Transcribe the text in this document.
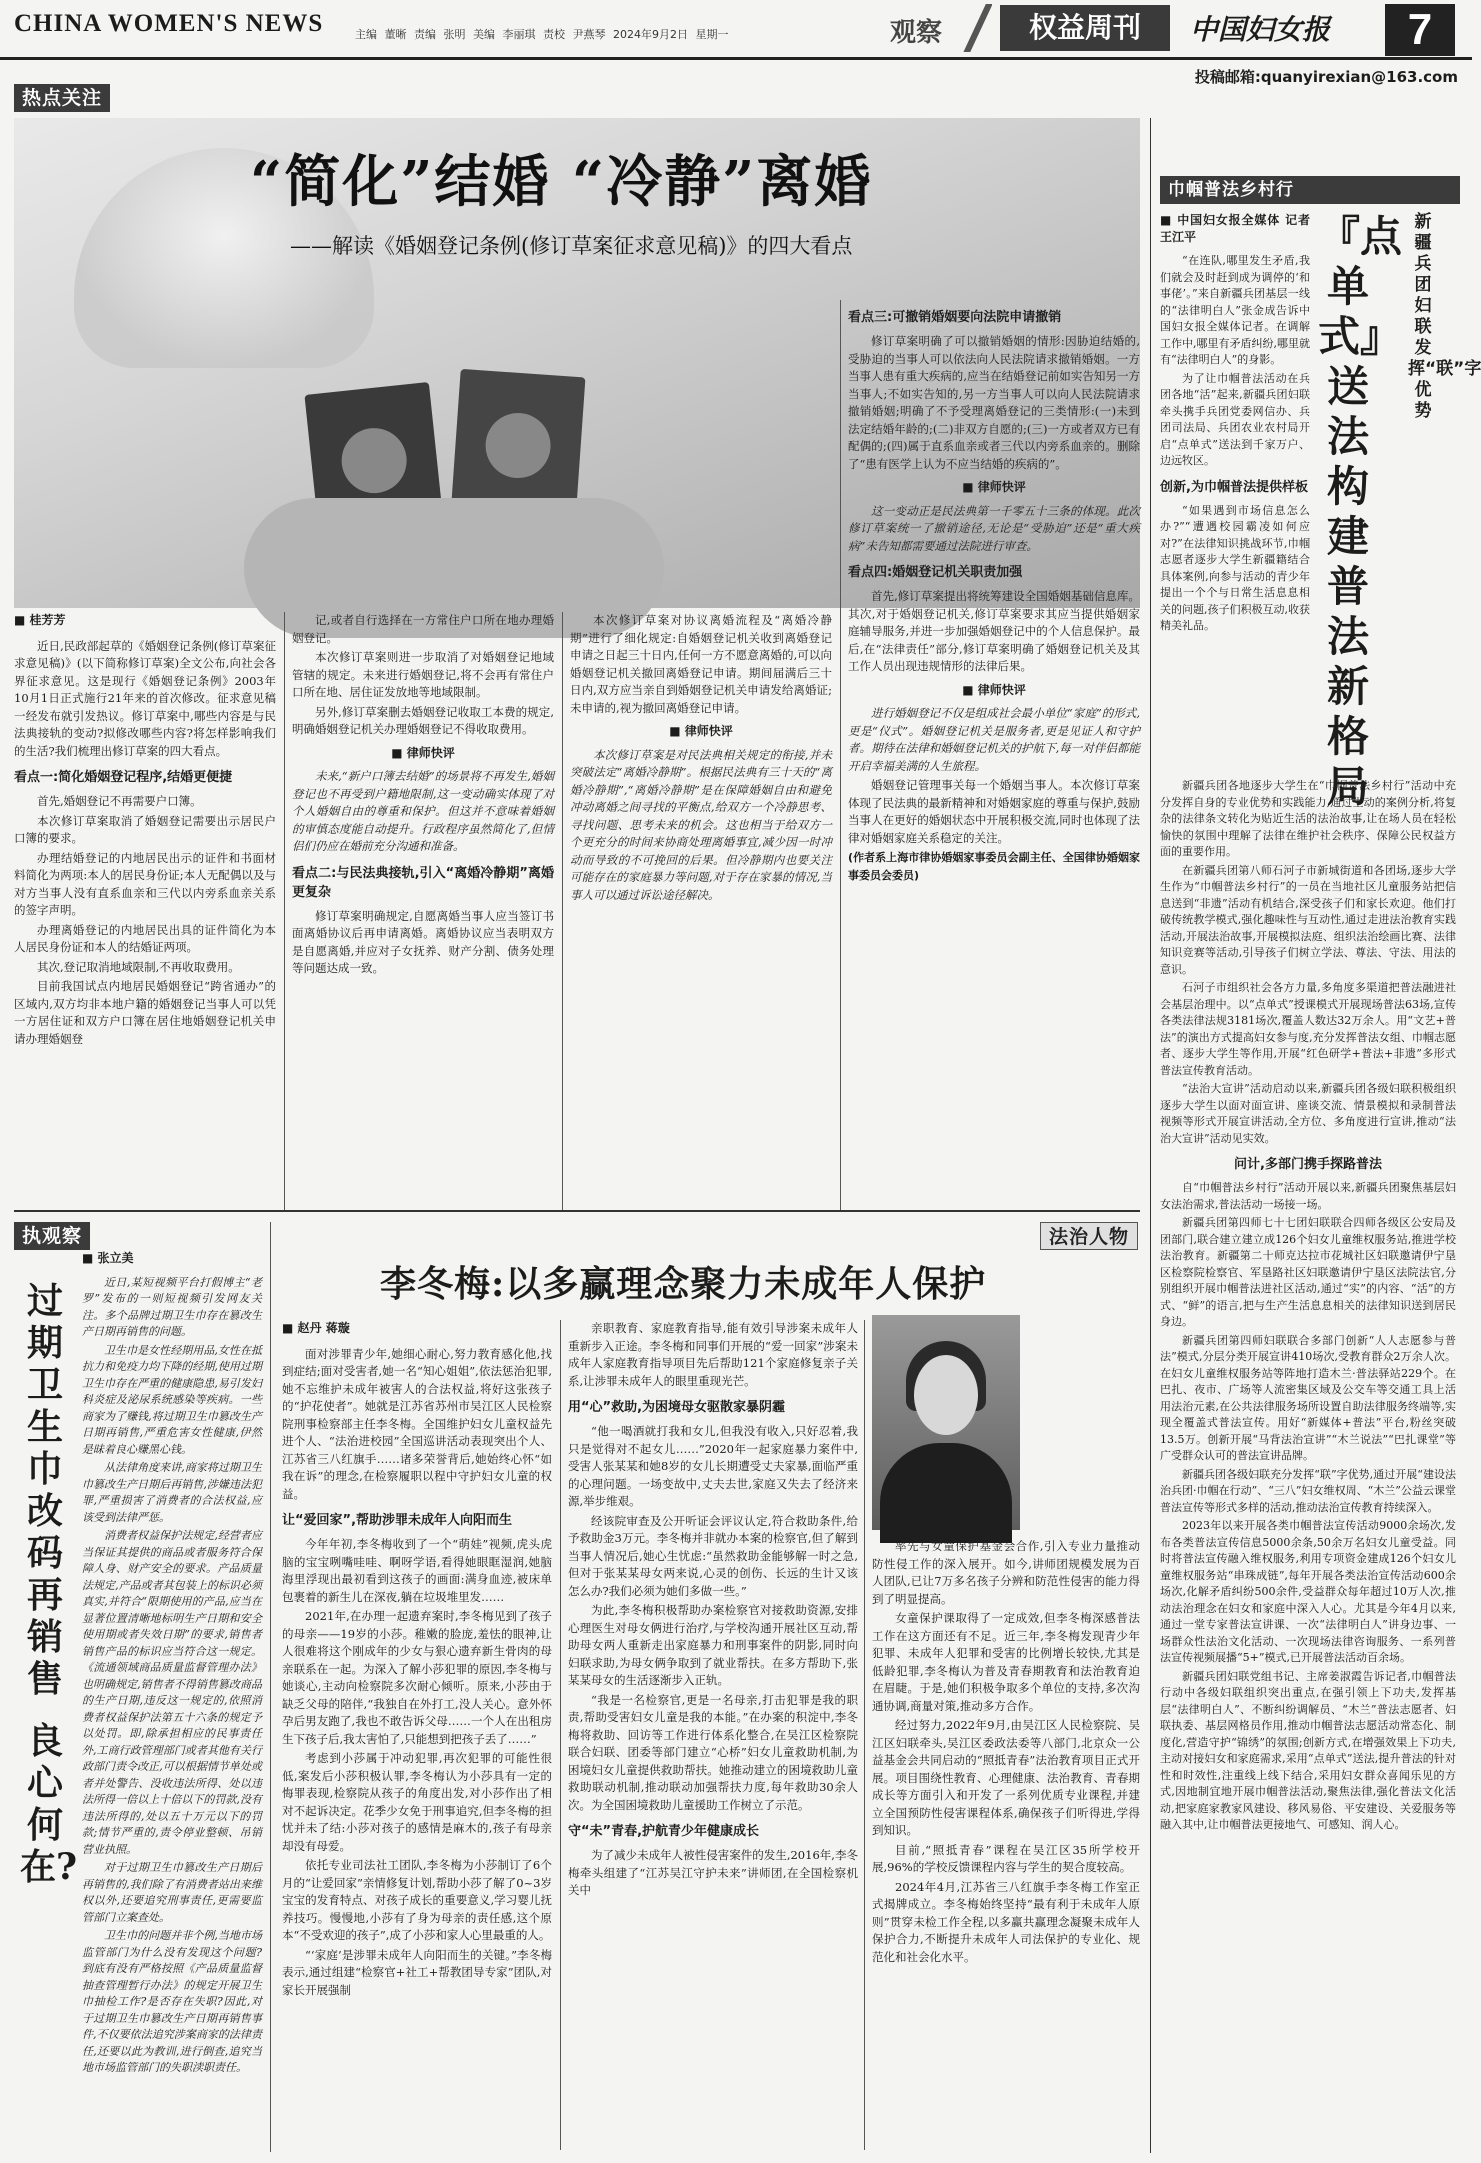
CHINA WOMEN'S NEWS	主编 董晰 责编 张明 美编 李丽琪 责校 尹燕琴 2024年9月2日 星期一	观察	权益周刊	中国妇女报	7
投稿邮箱:quanyirexian@163.com
热点关注
“简化”结婚 “冷静”离婚
——解读《婚姻登记条例(修订草案征求意见稿)》的四大看点

■ 桂芳芳

近日,民政部起草的《婚姻登记条例(修订草案征求意见稿)》(以下简称修订草案)全文公布,向社会各界征求意见。这是现行《婚姻登记条例》2003年10月1日正式施行21年来的首次修改。征求意见稿一经发布就引发热议。修订草案中,哪些内容是与民法典接轨的变动?拟修改哪些内容?将怎样影响我们的生活?我们梳理出修订草案的四大看点。

看点一:简化婚姻登记程序,结婚更便捷

首先,婚姻登记不再需要户口簿。

本次修订草案取消了婚姻登记需要出示居民户口簿的要求。

办理结婚登记的内地居民出示的证件和书面材料简化为两项:本人的居民身份证;本人无配偶以及与对方当事人没有直系血亲和三代以内旁系血亲关系的签字声明。

办理离婚登记的内地居民出具的证件简化为本人居民身份证和本人的结婚证两项。

其次,登记取消地域限制,不再收取费用。

目前我国试点内地居民婚姻登记“跨省通办”的区域内,双方均非本地户籍的婚姻登记当事人可以凭一方居住证和双方户口簿在居住地婚姻登记机关申请办理婚姻登

记,或者自行选择在一方常住户口所在地办理婚姻登记。

本次修订草案则进一步取消了对婚姻登记地域管辖的规定。未来进行婚姻登记,将不会再有常住户口所在地、居住证发放地等地域限制。

另外,修订草案删去婚姻登记收取工本费的规定,明确婚姻登记机关办理婚姻登记不得收取费用。

■ 律师快评

未来,“新户口簿去结婚”的场景将不再发生,婚姻登记也不再受到户籍地限制,这一变动确实体现了对个人婚姻自由的尊重和保护。但这并不意味着婚姻的审慎态度能自动提升。行政程序虽然简化了,但情侣们仍应在婚前充分沟通和准备。

看点二:与民法典接轨,引入“离婚冷静期”离婚更复杂

修订草案明确规定,自愿离婚当事人应当签订书面离婚协议后再申请离婚。离婚协议应当表明双方是自愿离婚,并应对子女抚养、财产分割、债务处理等问题达成一致。

本次修订草案对协议离婚流程及“离婚冷静期”进行了细化规定:自婚姻登记机关收到离婚登记申请之日起三十日内,任何一方不愿意离婚的,可以向婚姻登记机关撤回离婚登记申请。期间届满后三十日内,双方应当亲自到婚姻登记机关申请发给离婚证;未申请的,视为撤回离婚登记申请。

■ 律师快评

本次修订草案是对民法典相关规定的衔接,并未突破法定“离婚冷静期”。根据民法典有三十天的“离婚冷静期”,“离婚冷静期”是在保障婚姻自由和避免冲动离婚之间寻找的平衡点,给双方一个冷静思考、寻找问题、思考未来的机会。这也相当于给双方一个更充分的时间来协商处理离婚事宜,减少因一时冲动而导致的不可挽回的后果。但冷静期内也要关注可能存在的家庭暴力等问题,对于存在家暴的情况,当事人可以通过诉讼途径解决。

看点三:可撤销婚姻要向法院申请撤销

修订草案明确了可以撤销婚姻的情形:因胁迫结婚的,受胁迫的当事人可以依法向人民法院请求撤销婚姻。一方当事人患有重大疾病的,应当在结婚登记前如实告知另一方当事人;不如实告知的,另一方当事人可以向人民法院请求撤销婚姻;明确了不予受理离婚登记的三类情形:(一)未到法定结婚年龄的;(二)非双方自愿的;(三)一方或者双方已有配偶的;(四)属于直系血亲或者三代以内旁系血亲的。删除了“患有医学上认为不应当结婚的疾病的”。

■ 律师快评

这一变动正是民法典第一千零五十三条的体现。此次修订草案统一了撤销途径,无论是“受胁迫”还是“重大疾病”未告知都需要通过法院进行审查。

看点四:婚姻登记机关职责加强

首先,修订草案提出将统筹建设全国婚姻基础信息库。其次,对于婚姻登记机关,修订草案要求其应当提供婚姻家庭辅导服务,并进一步加强婚姻登记中的个人信息保护。最后,在“法律责任”部分,修订草案明确了婚姻登记机关及其工作人员出现违规情形的法律后果。

■ 律师快评

进行婚姻登记不仅是组成社会最小单位“家庭”的形式,更是“仪式”。婚姻登记机关是服务者,更是见证人和守护者。期待在法律和婚姻登记机关的护航下,每一对伴侣都能开启幸福美满的人生旅程。

婚姻登记管理事关每一个婚姻当事人。本次修订草案体现了民法典的最新精神和对婚姻家庭的尊重与保护,鼓励当事人在更好的婚姻状态中开展积极交流,同时也体现了法律对婚姻家庭关系稳定的关注。

(作者系上海市律协婚姻家事委员会副主任、全国律协婚姻家事委员会委员)

巾帼普法乡村行
新疆兵团妇联发挥“联”字优势
『点单式』送法构建普法新格局

■ 中国妇女报全媒体 记者 王江平

“在连队,哪里发生矛盾,我们就会及时赶到成为调停的‘和事佬’。”来自新疆兵团基层一线的“法律明白人”张金成告诉中国妇女报全媒体记者。在调解工作中,哪里有矛盾纠纷,哪里就有“法律明白人”的身影。

为了让巾帼普法活动在兵团各地“活”起来,新疆兵团妇联牵头携手兵团党委网信办、兵团司法局、兵团农业农村局开启“点单式”送法到千家万户、边远牧区。

创新,为巾帼普法提供样板

“如果遇到市场信息怎么办?”“遭遇校园霸凌如何应对?”在法律知识挑战环节,巾帼志愿者逐步大学生新疆籍结合具体案例,向参与活动的青少年提出一个个与日常生活息息相关的问题,孩子们积极互动,收获精美礼品。

新疆兵团各地逐步大学生在“巾帼普法乡村行”活动中充分发挥自身的专业优势和实践能力,通过生动的案例分析,将复杂的法律条文转化为贴近生活的法治故事,让在场人员在轻松愉快的氛围中理解了法律在维护社会秩序、保障公民权益方面的重要作用。

在新疆兵团第八师石河子市新城街道和各团场,逐步大学生作为“巾帼普法乡村行”的一员在当地社区儿童服务站把信息送到“非遗”活动有机结合,深受孩子们和家长欢迎。他们打破传统教学模式,强化趣味性与互动性,通过走进法治教育实践活动,开展法治故事,开展模拟法庭、组织法治绘画比赛、法律知识竞赛等活动,引导孩子们树立学法、尊法、守法、用法的意识。

石河子市组织社会各方力量,多角度多渠道把普法融进社会基层治理中。以“点单式”授课模式开展现场普法63场,宣传各类法律法规3181场次,覆盖人数达32万余人。用“文艺+普法”的演出方式提高妇女参与度,充分发挥普法女组、巾帼志愿者、逐步大学生等作用,开展“红色研学+普法+非遗”多形式普法宣传教育活动。

“法治大宣讲”活动启动以来,新疆兵团各级妇联积极组织逐步大学生以面对面宣讲、座谈交流、情景模拟和录制普法视频等形式开展宣讲活动,全方位、多角度进行宣讲,推动“法治大宣讲”活动见实效。

问计,多部门携手探路普法

自“巾帼普法乡村行”活动开展以来,新疆兵团聚焦基层妇女法治需求,普法活动一场接一场。

新疆兵团第四师七十七团妇联联合四师各级区公安局及团部门,联合建立建立成126个妇女儿童维权服务站,推进学校法治教育。新疆第二十师克达拉市花城社区妇联邀请伊宁垦区检察院检察官、军垦路社区妇联邀请伊宁垦区法院法官,分别组织开展巾帼普法进社区活动,通过“实”的内容、“活”的方式、“鲜”的语言,把与生产生活息息相关的法律知识送到居民身边。

新疆兵团第四师妇联联合多部门创新“人人志愿参与普法”模式,分层分类开展宣讲410场次,受教育群众2万余人次。在妇女儿童维权服务站等阵地打造木兰·普法驿站229个。在巴扎、夜市、广场等人流密集区域及公交车等交通工具上活用法治元素,在公共法律服务场所设置自助法律服务终端等,实现全覆盖式普法宣传。用好“新媒体+普法”平台,粉丝突破13.5万。创新开展“马背法治宣讲”“木兰说法”“巴扎课堂”等广受群众认可的普法宣讲品牌。

新疆兵团各级妇联充分发挥“联”字优势,通过开展“建设法治兵团·巾帼在行动”、“三八”妇女维权周、“木兰”公益云课堂普法宣传等形式多样的活动,推动法治宣传教育持续深入。

2023年以来开展各类巾帼普法宣传活动9000余场次,发布各类普法宣传信息5000余条,50余万名妇女儿童受益。同时将普法宣传融入维权服务,利用专项资金建成126个妇女儿童维权服务站“串珠成链”,每年开展各类法治宣传活动600余场次,化解矛盾纠纷500余件,受益群众每年超过10万人次,推动法治理念在妇女和家庭中深入人心。尤其是今年4月以来,通过一堂专家普法宣讲课、一次“法律明白人”讲身边事、一场群众性法治文化活动、一次现场法律咨询服务、一系列普法宣传视频展播“5+”模式,已开展普法活动百余场。

新疆兵团妇联党组书记、主席姜淑霞告诉记者,巾帼普法行动中各级妇联组织突出重点,在强引领上下功夫,发挥基层“法律明白人”、不断纠纷调解员、“木兰”普法志愿者、妇联执委、基层网格员作用,推动巾帼普法志愿活动常态化、制度化,营造守护“锦绣”的氛围;创新方式,在增强效果上下功夫,主动对接妇女和家庭需求,采用“点单式”送法,提升普法的针对性和时效性,注重线上线下结合,采用妇女群众喜闻乐见的方式,因地制宜地开展巾帼普法活动,聚焦法律,强化普法文化活动,把家庭家教家风建设、移风易俗、平安建设、关爱服务等融入其中,让巾帼普法更接地气、可感知、润人心。

执观察
过期卫生巾改码再销售
良心何在?

■ 张立美

近日,某短视频平台打假博主“老罗”发布的一则短视频引发网友关注。多个品牌过期卫生巾存在篡改生产日期再销售的问题。

卫生巾是女性经期用品,女性在抵抗力和免疫力均下降的经期,使用过期卫生巾存在严重的健康隐患,易引发妇科炎症及泌尿系统感染等疾病。一些商家为了赚钱,将过期卫生巾篡改生产日期再销售,严重危害女性健康,伊然是昧着良心赚黑心钱。

从法律角度来讲,商家将过期卫生巾篡改生产日期后再销售,涉嫌违法犯罪,严重损害了消费者的合法权益,应该受到法律严惩。

消费者权益保护法规定,经营者应当保证其提供的商品或者服务符合保障人身、财产安全的要求。产品质量法规定,产品或者其包装上的标识必须真实,并符合“限期使用的产品,应当在显著位置清晰地标明生产日期和安全使用期或者失效日期”的要求,销售者销售产品的标识应当符合这一规定。《流通领域商品质量监督管理办法》也明确规定,销售者不得销售篡改商品的生产日期,违反这一规定的,依照消费者权益保护法第五十六条的规定予以处罚。即,除承担相应的民事责任外,工商行政管理部门或者其他有关行政部门责令改正,可以根据情节单处或者并处警告、没收违法所得、处以违法所得一倍以上十倍以下的罚款,没有违法所得的,处以五十万元以下的罚款;情节严重的,责令停业整顿、吊销营业执照。

对于过期卫生巾篡改生产日期后再销售的,我们除了有消费者站出来维权以外,还要追究刑事责任,更需要监管部门立案查处。

卫生巾的问题并非个例,当地市场监管部门为什么没有发现这个问题?到底有没有严格按照《产品质量监督抽查管理暂行办法》的规定开展卫生巾抽检工作?是否存在失职?因此,对于过期卫生巾篡改生产日期再销售事件,不仅要依法追究涉案商家的法律责任,还要以此为教训,进行倒查,追究当地市场监管部门的失职渎职责任。

法治人物
李冬梅:以多赢理念聚力未成年人保护

■ 赵丹 蒋璇

面对涉罪青少年,她细心耐心,努力教育感化他,找到症结;面对受害者,她一名“知心姐姐”,依法惩治犯罪,她不忘维护未成年被害人的合法权益,将好这张孩子的“护花使者”。她就是江苏省苏州市吴江区人民检察院刑事检察部主任李冬梅。全国维护妇女儿童权益先进个人、“法治进校园”全国巡讲活动表现突出个人、江苏省三八红旗手……诸多荣誉背后,她始终心怀“如我在诉”的理念,在检察履职以程中守护妇女儿童的权益。

让“爱回家”,帮助涉罪未成年人向阳而生

今年年初,李冬梅收到了一个“萌娃”视频,虎头虎脑的宝宝咧嘴哇哇、啊呀学语,看得她眼眶湿润,她脑海里浮现出最初看到这孩子的画面:满身血迹,被床单包裹着的新生儿在深夜,躺在垃圾堆里发……

2021年,在办理一起遗弃案时,李冬梅见到了孩子的母亲——19岁的小莎。稚嫩的脸庞,羞怯的眼神,让人很难将这个刚成年的少女与狠心遗弃新生骨肉的母亲联系在一起。为深入了解小莎犯罪的原因,李冬梅与她谈心,主动向检察院多次耐心倾听。原来,小莎由于缺乏父母的陪伴,“我独自在外打工,没人关心。意外怀孕后男友跑了,我也不敢告诉父母……一个人在出租房生下孩子后,我太害怕了,只能想到把孩子丢了……”

考虑到小莎属于冲动犯罪,再次犯罪的可能性很低,案发后小莎积极认罪,李冬梅认为小莎具有一定的悔罪表现,检察院从孩子的角度出发,对小莎作出了相对不起诉决定。花季少女免于刑事追究,但李冬梅的担忧并未了结:小莎对孩子的感情是麻木的,孩子有母亲却没有母爱。

依托专业司法社工团队,李冬梅为小莎制订了6个月的“让爱回家”亲情修复计划,帮助小莎了解了0~3岁宝宝的发育特点、对孩子成长的重要意义,学习婴儿抚养技巧。慢慢地,小莎有了身为母亲的责任感,这个原本“不受欢迎的孩子”,成了小莎和家人心里最重的人。

“‘家庭’是涉罪未成年人向阳而生的关键。”李冬梅表示,通过组建“检察官+社工+帮教团导专家”团队,对家长开展强制

亲职教育、家庭教育指导,能有效引导涉案未成年人重新步入正途。李冬梅和同事们开展的“爱一回家”涉案未成年人家庭教育指导项目先后帮助121个家庭修复亲子关系,让涉罪未成年人的眼里重现光芒。

用“心”救助,为困境母女驱散家暴阴霾

“他一喝酒就打我和女儿,但我没有收入,只好忍着,我只是觉得对不起女儿……”2020年一起家庭暴力案件中,受害人张某某和她8岁的女儿长期遭受丈夫家暴,面临严重的心理问题。一场变故中,丈夫去世,家庭又失去了经济来源,举步维艰。

经该院审查及公开听证会评议认定,符合救助条件,给予救助金3万元。李冬梅并非就办本案的检察官,但了解到当事人情况后,她心生忧虑:“虽然救助金能够解一时之急,但对于张某某母女两来说,心灵的创伤、长远的生计又该怎么办?我们必须为她们多做一些。”

为此,李冬梅积极帮助办案检察官对接救助资源,安排心理医生对母女俩进行治疗,与学校沟通开展社区互动,帮助母女两人重新走出家庭暴力和刑事案件的阴影,同时向妇联求助,为母女俩争取到了就业帮扶。在多方帮助下,张某某母女的生活逐渐步入正轨。

“我是一名检察官,更是一名母亲,打击犯罪是我的职责,帮助受害妇女儿童是我的本能。”在办案的积淀中,李冬梅将救助、回访等工作进行体系化整合,在吴江区检察院联合妇联、团委等部门建立“心桥”妇女儿童救助机制,为困境妇女儿童提供救助帮扶。她推动建立的困境救助儿童救助联动机制,推动联动加强帮扶力度,每年救助30余人次。为全国困境救助儿童援助工作树立了示范。

守“未”青春,护航青少年健康成长

为了减少未成年人被性侵害案件的发生,2016年,李冬梅牵头组建了“江苏吴江守护未来”讲师团,在全国检察机关中

率先与女童保护基金会合作,引入专业力量推动防性侵工作的深入展开。如今,讲师团规模发展为百人团队,已让7万多名孩子分辨和防范性侵害的能力得到了明显提高。

女童保护课取得了一定成效,但李冬梅深感普法工作在这方面还有不足。近三年,李冬梅发现青少年犯罪、未成年人犯罪和受害的比例增长较快,尤其是低龄犯罪,李冬梅认为普及青春期教育和法治教育迫在眉睫。于是,她们积极争取多个单位的支持,多次沟通协调,商量对策,推动多方合作。

经过努力,2022年9月,由吴江区人民检察院、吴江区妇联牵头,吴江区委政法委等八部门,北京众一公益基金会共同启动的“照抵青春”法治教育项目正式开展。项目围绕性教育、心理健康、法治教育、青春期成长等方面引入和开发了一系列优质专业课程,并建立全国预防性侵害课程体系,确保孩子们听得进,学得到知识。

目前,“照抵青春”课程在吴江区35所学校开展,96%的学校反馈课程内容与学生的契合度较高。

2024年4月,江苏省三八红旗手李冬梅工作室正式揭牌成立。李冬梅始终坚持“最有利于未成年人原则”贯穿未检工作全程,以多赢共赢理念凝聚未成年人保护合力,不断提升未成年人司法保护的专业化、规范化和社会化水平。
